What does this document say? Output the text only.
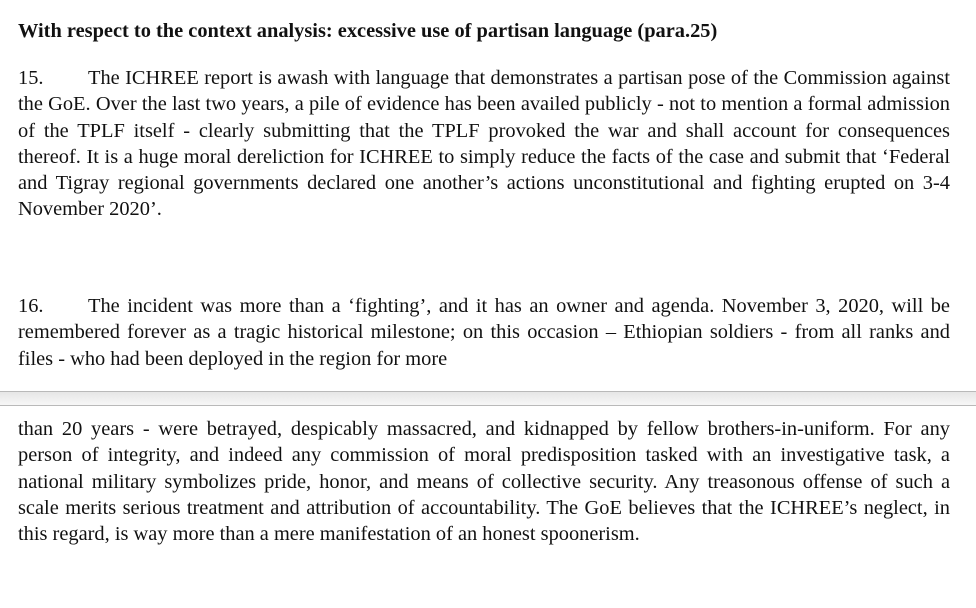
With respect to the context analysis: excessive use of partisan language (para.25)
15. The ICHREE report is awash with language that demonstrates a partisan pose of the Commission against the GoE. Over the last two years, a pile of evidence has been availed publicly - not to mention a formal admission of the TPLF itself - clearly submitting that the TPLF provoked the war and shall account for consequences thereof. It is a huge moral dereliction for ICHREE to simply reduce the facts of the case and submit that ‘Federal and Tigray regional governments declared one another’s actions unconstitutional and fighting erupted on 3-4 November 2020’.
16. The incident was more than a ‘fighting’, and it has an owner and agenda. November 3, 2020, will be remembered forever as a tragic historical milestone; on this occasion – Ethiopian soldiers - from all ranks and files - who had been deployed in the region for more
than 20 years - were betrayed, despicably massacred, and kidnapped by fellow brothers-in-uniform. For any person of integrity, and indeed any commission of moral predisposition tasked with an investigative task, a national military symbolizes pride, honor, and means of collective security. Any treasonous offense of such a scale merits serious treatment and attribution of accountability. The GoE believes that the ICHREE’s neglect, in this regard, is way more than a mere manifestation of an honest spoonerism.
